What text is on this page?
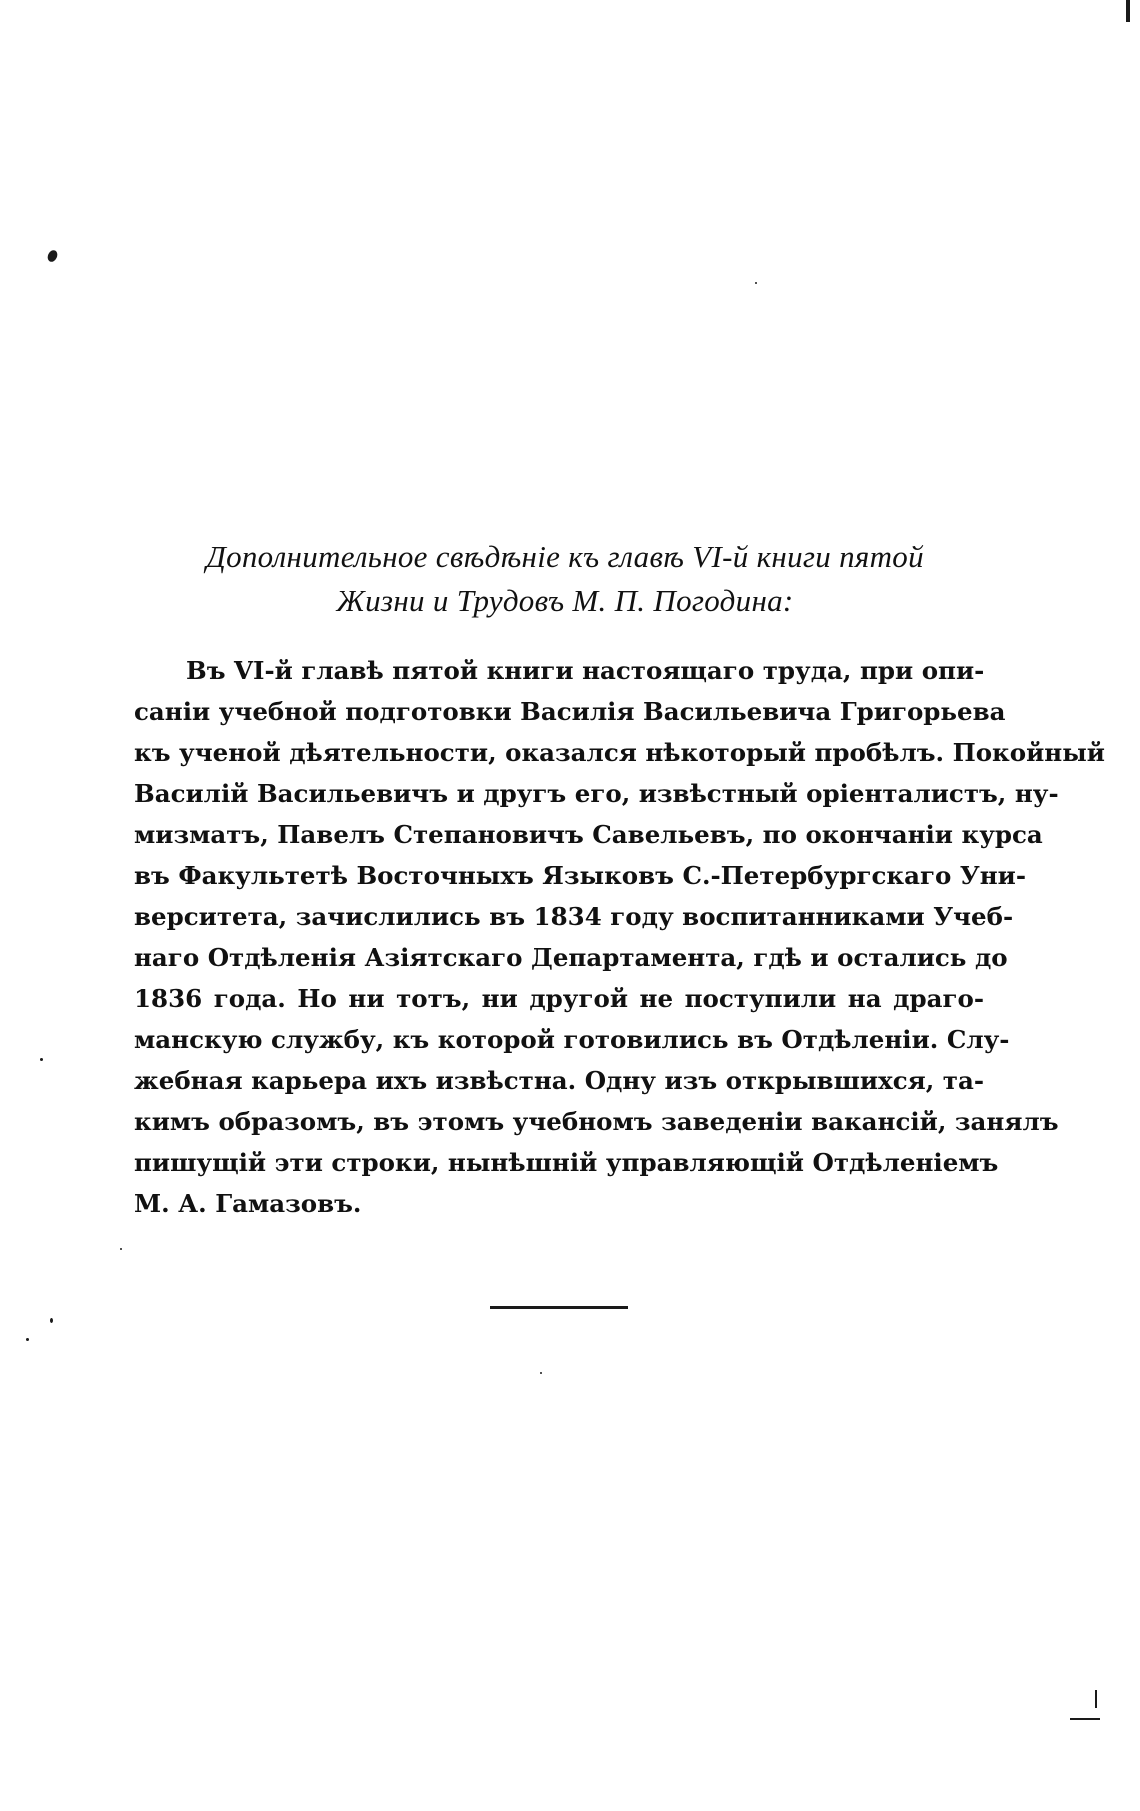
Дополнительное свѣдѣніе къ главѣ VI-й книги пятой
Жизни и Трудовъ М. П. Погодина:
Въ VI-й главѣ пятой книги настоящаго труда, при опи-
саніи учебной подготовки Василія Васильевича Григорьева
къ ученой дѣятельности, оказался нѣкоторый пробѣлъ. Покойный
Василій Васильевичъ и другъ его, извѣстный оріенталистъ, ну-
мизматъ, Павелъ Степановичъ Савельевъ, по окончаніи курса
въ Факультетѣ Восточныхъ Языковъ С.-Петербургскаго Уни-
верситета, зачислились въ 1834 году воспитанниками Учеб-
наго Отдѣленія Азіятскаго Департамента, гдѣ и остались до
1836 года. Но ни тотъ, ни другой не поступили на драго-
манскую службу, къ которой готовились въ Отдѣленіи. Слу-
жебная карьера ихъ извѣстна. Одну изъ открывшихся, та-
кимъ образомъ, въ этомъ учебномъ заведеніи вакансій, занялъ
пишущій эти строки, нынѣшній управляющій Отдѣленіемъ
М. А. Гамазовъ.
